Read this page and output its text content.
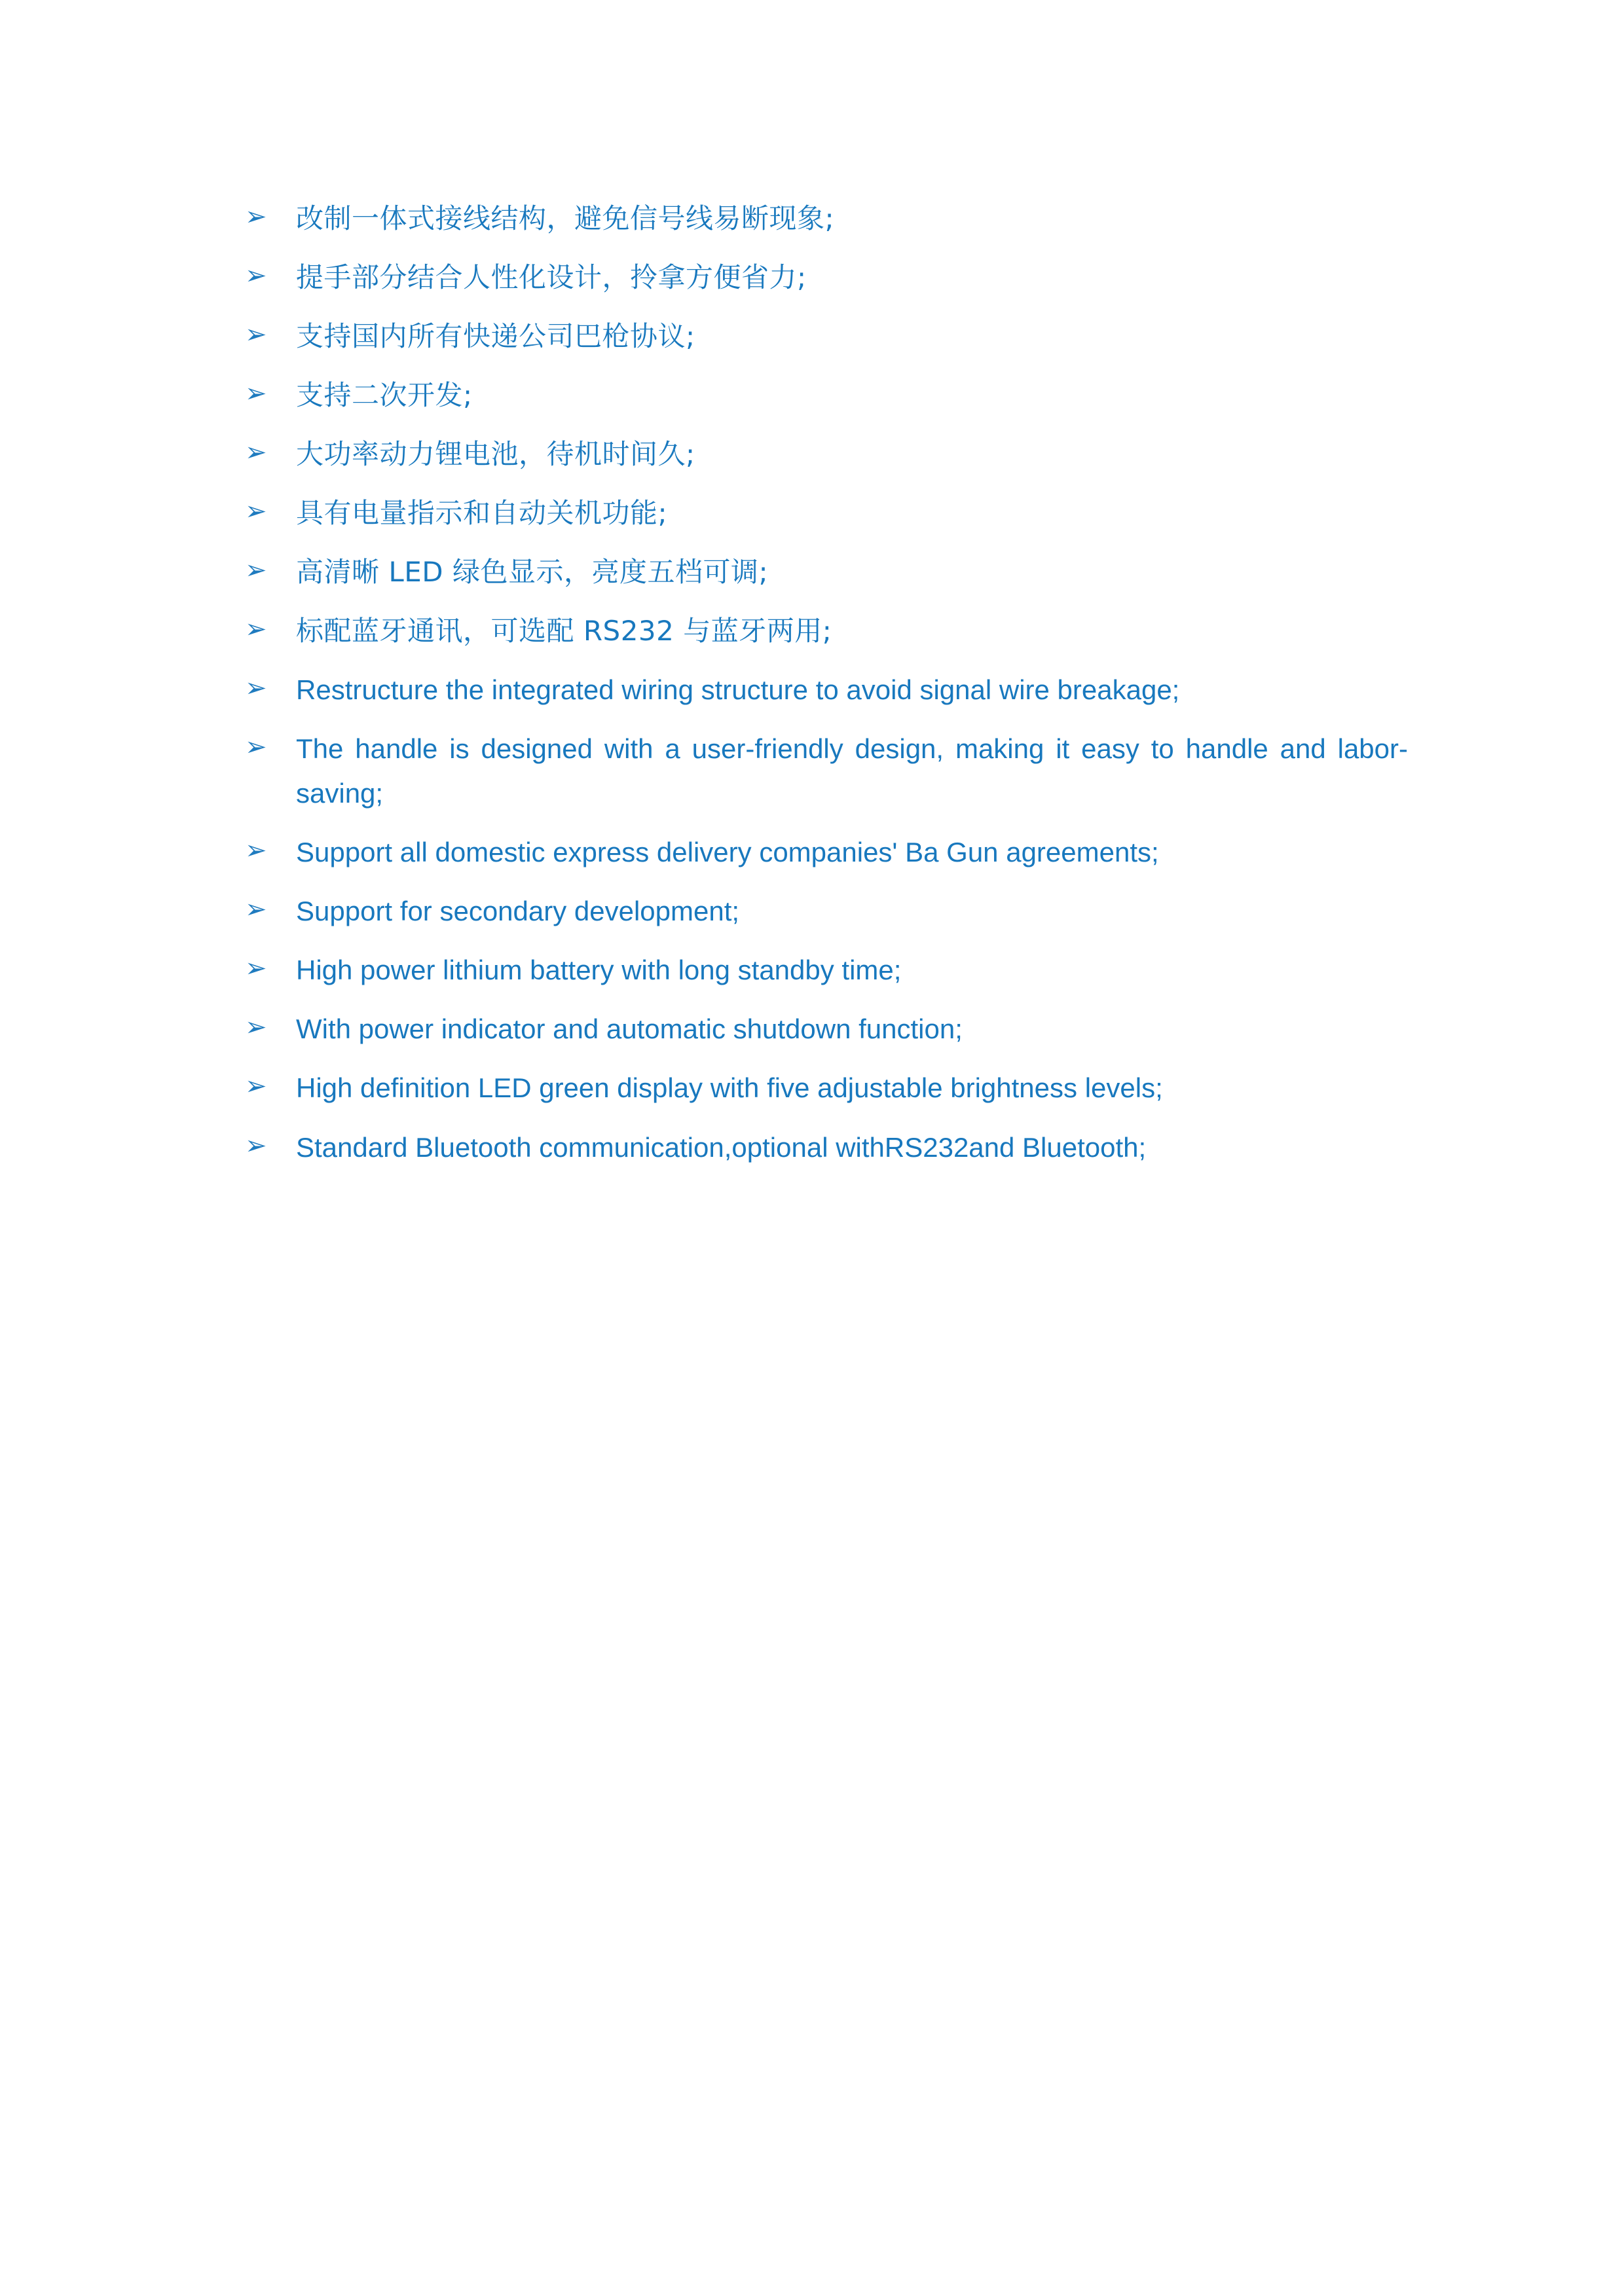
➢	改制一体式接线结构，避免信号线易断现象;
➢	提手部分结合人性化设计，拎拿方便省力;
➢	支持国内所有快递公司巴枪协议;
➢	支持二次开发;
➢	大功率动力锂电池，待机时间久;
➢	具有电量指示和自动关机功能;
➢	高清晰 LED 绿色显示，亮度五档可调;
➢	标配蓝牙通讯，可选配 RS232 与蓝牙两用;
➢	Restructure the integrated wiring structure to avoid signal wire breakage;
➢	The handle is designed with a user-friendly design, making it easy to handle and labor-saving;
➢	Support all domestic express delivery companies' Ba Gun agreements;
➢	Support for secondary development;
➢	High power lithium battery with long standby time;
➢	With power indicator and automatic shutdown function;
➢	High definition LED green display with five adjustable brightness levels;
➢	Standard Bluetooth communication,optional withRS232and Bluetooth;
